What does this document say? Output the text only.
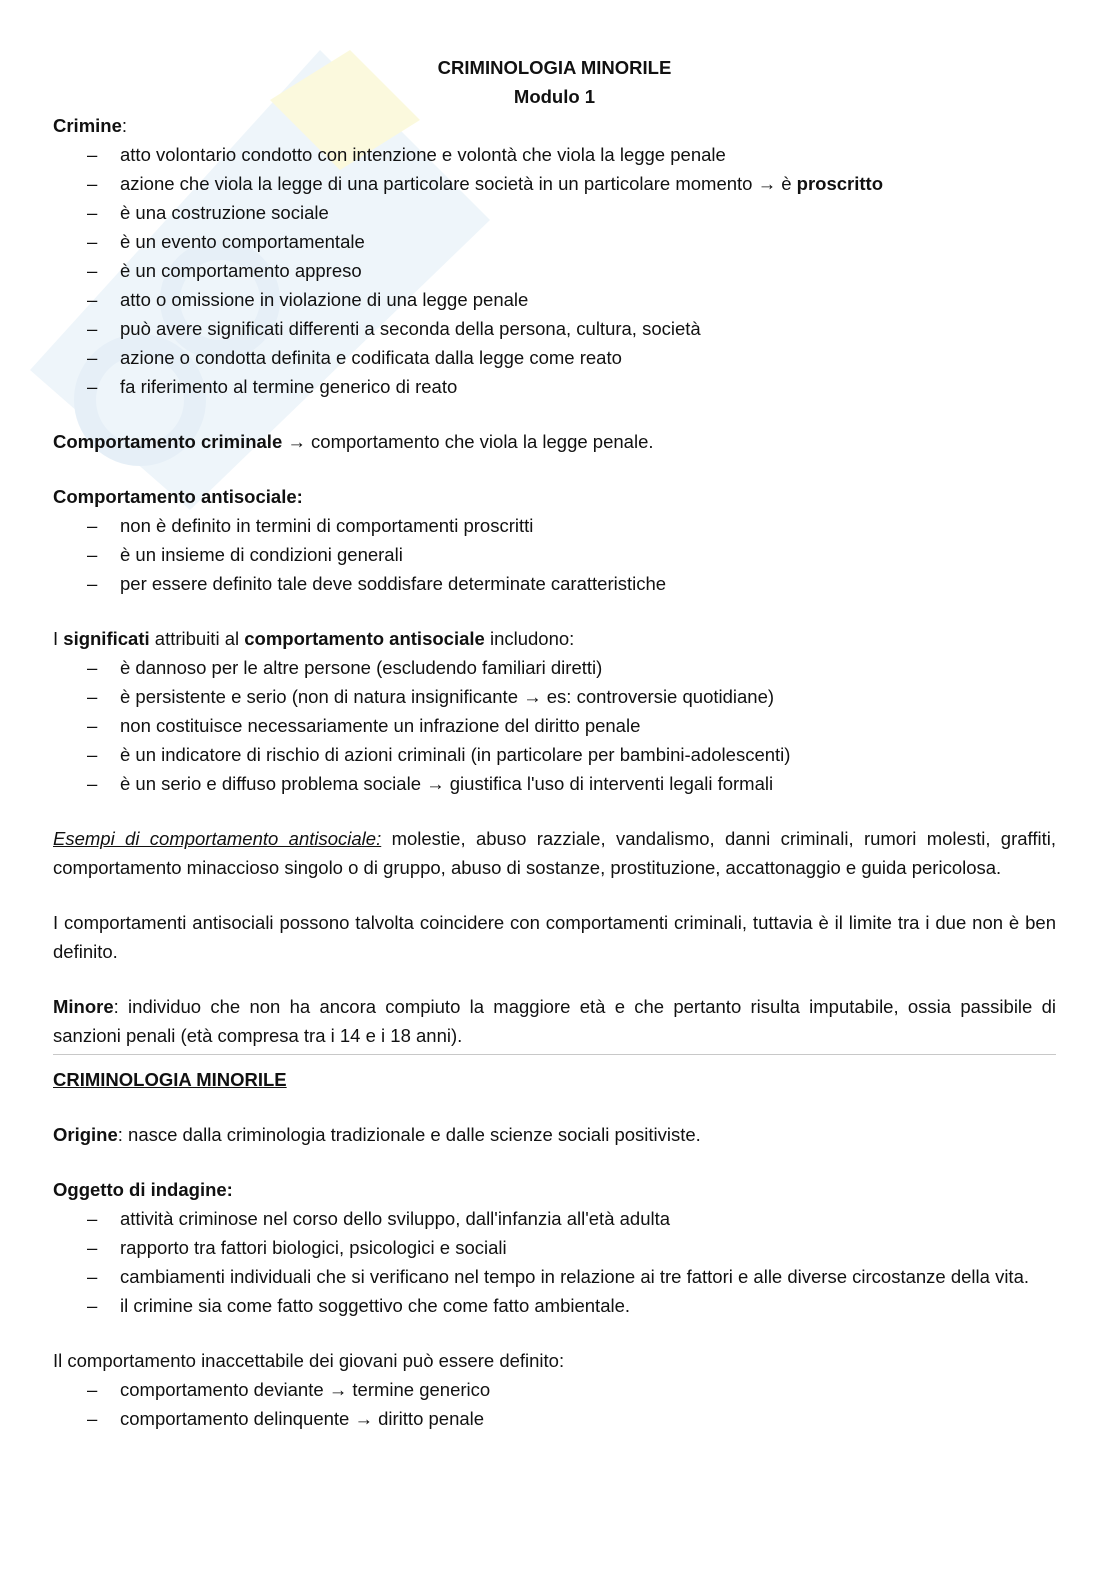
CRIMINOLOGIA MINORILE

Modulo 1

Crimine:

– atto volontario condotto con intenzione e volontà che viola la legge penale
– azione che viola la legge di una particolare società in un particolare momento → è proscritto
– è una costruzione sociale
– è un evento comportamentale
– è un comportamento appreso
– atto o omissione in violazione di una legge penale
– può avere significati differenti a seconda della persona, cultura, società
– azione o condotta definita e codificata dalla legge come reato
– fa riferimento al termine generico di reato

Comportamento criminale → comportamento che viola la legge penale.

Comportamento antisociale:

– non è definito in termini di comportamenti proscritti
– è un insieme di condizioni generali
– per essere definito tale deve soddisfare determinate caratteristiche

I significati attribuiti al comportamento antisociale includono:

– è dannoso per le altre persone (escludendo familiari diretti)
– è persistente e serio (non di natura insignificante → es: controversie quotidiane)
– non costituisce necessariamente un infrazione del diritto penale
– è un indicatore di rischio di azioni criminali (in particolare per bambini-adolescenti)
– è un serio e diffuso problema sociale → giustifica l'uso di interventi legali formali

Esempi di comportamento antisociale: molestie, abuso razziale, vandalismo, danni criminali, rumori molesti, graffiti, comportamento minaccioso singolo o di gruppo, abuso di sostanze, prostituzione, accattonaggio e guida pericolosa.

I comportamenti antisociali possono talvolta coincidere con comportamenti criminali, tuttavia è il limite tra i due non è ben definito.

Minore: individuo che non ha ancora compiuto la maggiore età e che pertanto risulta imputabile, ossia passibile di sanzioni penali (età compresa tra i 14 e i 18 anni).

CRIMINOLOGIA MINORILE

Origine: nasce dalla criminologia tradizionale e dalle scienze sociali positiviste.

Oggetto di indagine:

– attività criminose nel corso dello sviluppo, dall'infanzia all'età adulta
– rapporto tra fattori biologici, psicologici e sociali
– cambiamenti individuali che si verificano nel tempo in relazione ai tre fattori e alle diverse circostanze della vita.
– il crimine sia come fatto soggettivo che come fatto ambientale.

Il comportamento inaccettabile dei giovani può essere definito:

– comportamento deviante → termine generico
– comportamento delinquente → diritto penale
